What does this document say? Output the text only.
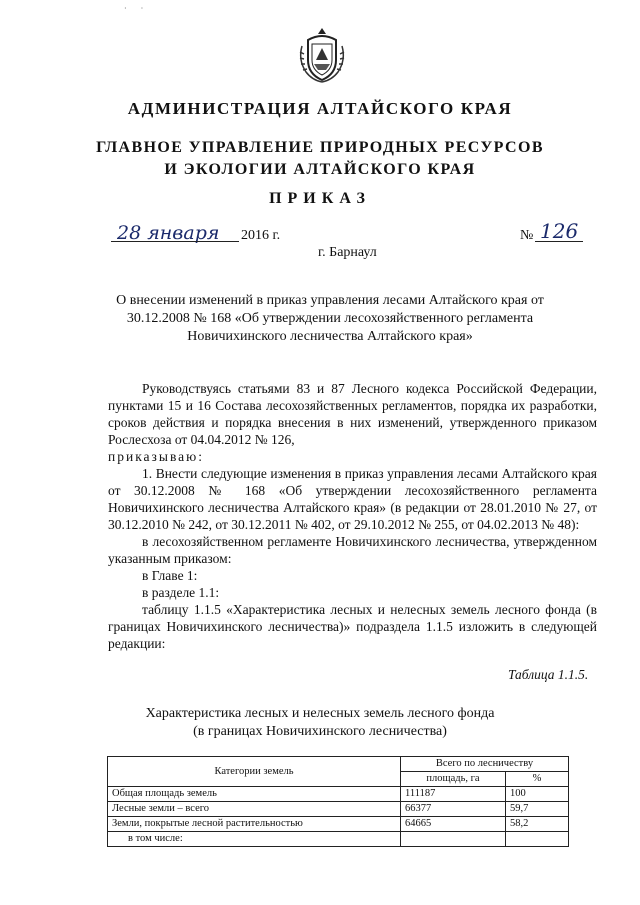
·       ·
АДМИНИСТРАЦИЯ АЛТАЙСКОГО КРАЯ
ГЛАВНОЕ УПРАВЛЕНИЕ ПРИРОДНЫХ РЕСУРСОВ
И ЭКОЛОГИИ АЛТАЙСКОГО КРАЯ
ПРИКАЗ
28 января 2016 г.	№ 126
г. Барнаул
О внесении изменений в приказ управления лесами Алтайского края от 30.12.2008 № 168 «Об утверждении лесохозяйственного регламента Новичихинского лесничества Алтайского края»

Руководствуясь статьями 83 и 87 Лесного кодекса Российской Федерации, пунктами 15 и 16 Состава лесохозяйственных регламентов, порядка их разработки, сроков действия и порядка внесения в них изменений, утвержденного приказом Рослесхоза от 04.04.2012 № 126,
приказываю:

1. Внести следующие изменения в приказ управления лесами Алтайского края от 30.12.2008 № 168 «Об утверждении лесохозяйственного регламента Новичихинского лесничества Алтайского края» (в редакции от 28.01.2010 № 27, от 30.12.2010 № 242, от 30.12.2011 № 402, от 29.10.2012 № 255, от 04.02.2013 № 48):

в лесохозяйственном регламенте Новичихинского лесничества, утвержденном указанным приказом:

в Главе 1:

в разделе 1.1:

таблицу 1.1.5 «Характеристика лесных и нелесных земель лесного фонда (в границах Новичихинского лесничества)» подраздела 1.1.5 изложить в следующей редакции:

Таблица 1.1.5.
Характеристика лесных и нелесных земель лесного фонда
(в границах Новичихинского лесничества)
Категории земель	Всего по лесничеству	
	площадь, га	%
Общая площадь земель	111187	100
Лесные земли – всего	66377	59,7
Земли, покрытые лесной растительностью	64665	58,2
в том числе:		
